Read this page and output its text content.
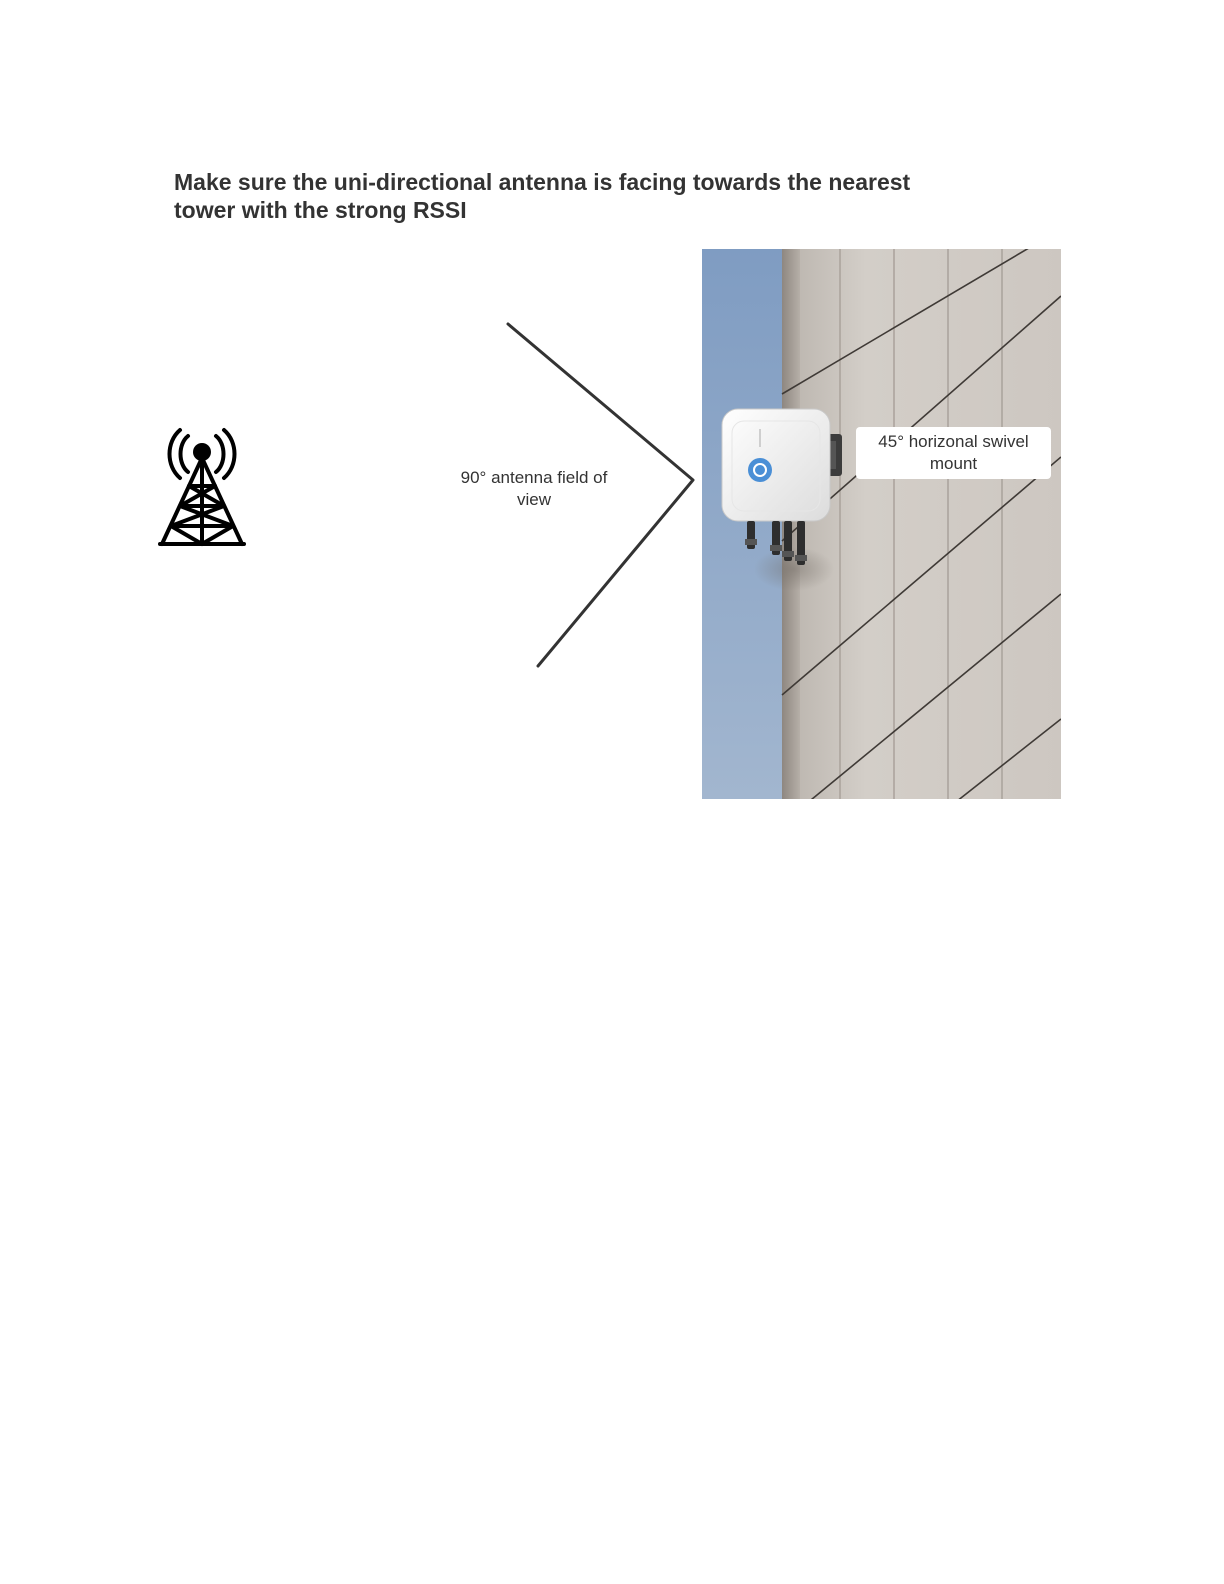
Make sure the uni-directional antenna is facing towards the nearest tower with the strong RSSI
90° antenna field of view
45° horizonal swivel mount
